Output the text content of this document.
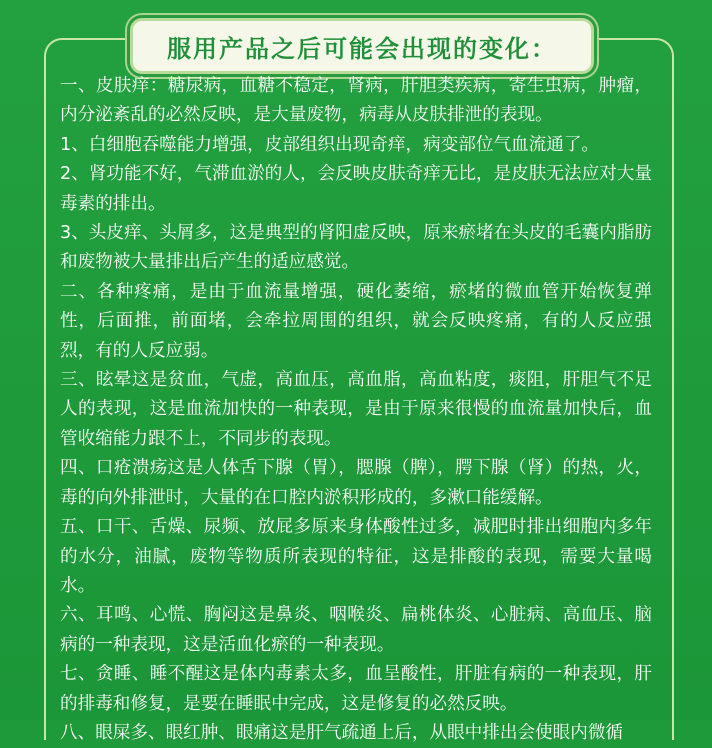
服用产品之后可能会出现的变化：

一、皮肤痒：糖尿病，血糖不稳定，肾病，肝胆类疾病，寄生虫病，肿瘤，内分泌紊乱的必然反映，是大量废物，病毒从皮肤排泄的表现。

1、白细胞吞噬能力增强，皮部组织出现奇痒，病变部位气血流通了。

2、肾功能不好，气滞血淤的人，会反映皮肤奇痒无比，是皮肤无法应对大量毒素的排出。

3、头皮痒、头屑多，这是典型的肾阳虚反映，原来瘀堵在头皮的毛囊内脂肪和废物被大量排出后产生的适应感觉。

二、各种疼痛，是由于血流量增强，硬化萎缩，瘀堵的微血管开始恢复弹性，后面推，前面堵，会牵拉周围的组织，就会反映疼痛，有的人反应强烈，有的人反应弱。

三、眩晕这是贫血，气虚，高血压，高血脂，高血粘度，痰阻，肝胆气不足人的表现，这是血流加快的一种表现，是由于原来很慢的血流量加快后，血管收缩能力跟不上，不同步的表现。

四、口疮溃疡这是人体舌下腺（胃），腮腺（脾），腭下腺（肾）的热，火，毒的向外排泄时，大量的在口腔内淤积形成的，多漱口能缓解。

五、口干、舌燥、尿频、放屁多原来身体酸性过多，减肥时排出细胞内多年的水分，油腻，废物等物质所表现的特征，这是排酸的表现，需要大量喝水。

六、耳鸣、心慌、胸闷这是鼻炎、咽喉炎、扁桃体炎、心脏病、高血压、脑病的一种表现，这是活血化瘀的一种表现。

七、贪睡、睡不醒这是体内毒素太多，血呈酸性，肝脏有病的一种表现，肝的排毒和修复，是要在睡眠中完成，这是修复的必然反映。

八、眼屎多、眼红肿、眼痛这是肝气疏通上后，从眼中排出会使眼内微循
